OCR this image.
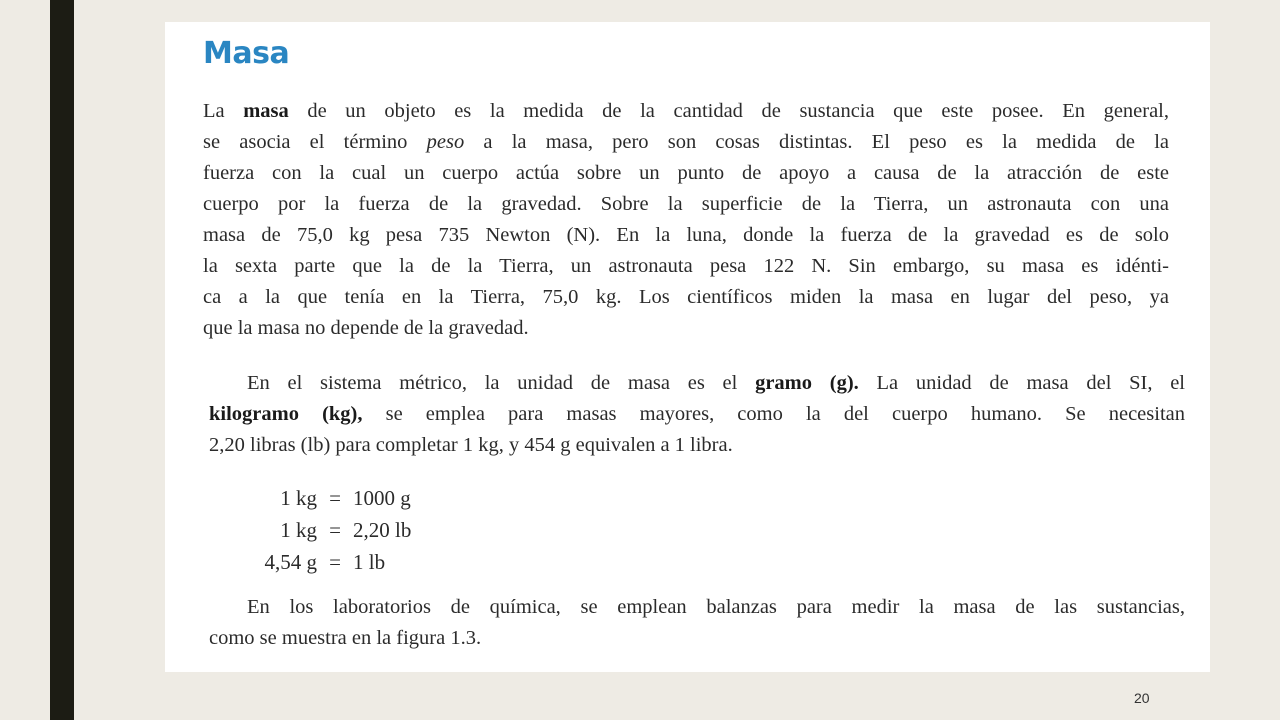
Masa
La masa de un objeto es la medida de la cantidad de sustancia que este posee. En general,
se asocia el término peso a la masa, pero son cosas distintas. El peso es la medida de la
fuerza con la cual un cuerpo actúa sobre un punto de apoyo a causa de la atracción de este
cuerpo por la fuerza de la gravedad. Sobre la superficie de la Tierra, un astronauta con una
masa de 75,0 kg pesa 735 Newton (N). En la luna, donde la fuerza de la gravedad es de solo
la sexta parte que la de la Tierra, un astronauta pesa 122 N. Sin embargo, su masa es idénti-
ca a la que tenía en la Tierra, 75,0 kg. Los científicos miden la masa en lugar del peso, ya
que la masa no depende de la gravedad.
En el sistema métrico, la unidad de masa es el gramo (g). La unidad de masa del SI, el
kilogramo (kg), se emplea para masas mayores, como la del cuerpo humano. Se necesitan
2,20 libras (lb) para completar 1 kg, y 454 g equivalen a 1 libra.
1 kg = 1000 g
1 kg = 2,20 lb
4,54 g = 1 lb
En los laboratorios de química, se emplean balanzas para medir la masa de las sustancias,
como se muestra en la figura 1.3.
20
